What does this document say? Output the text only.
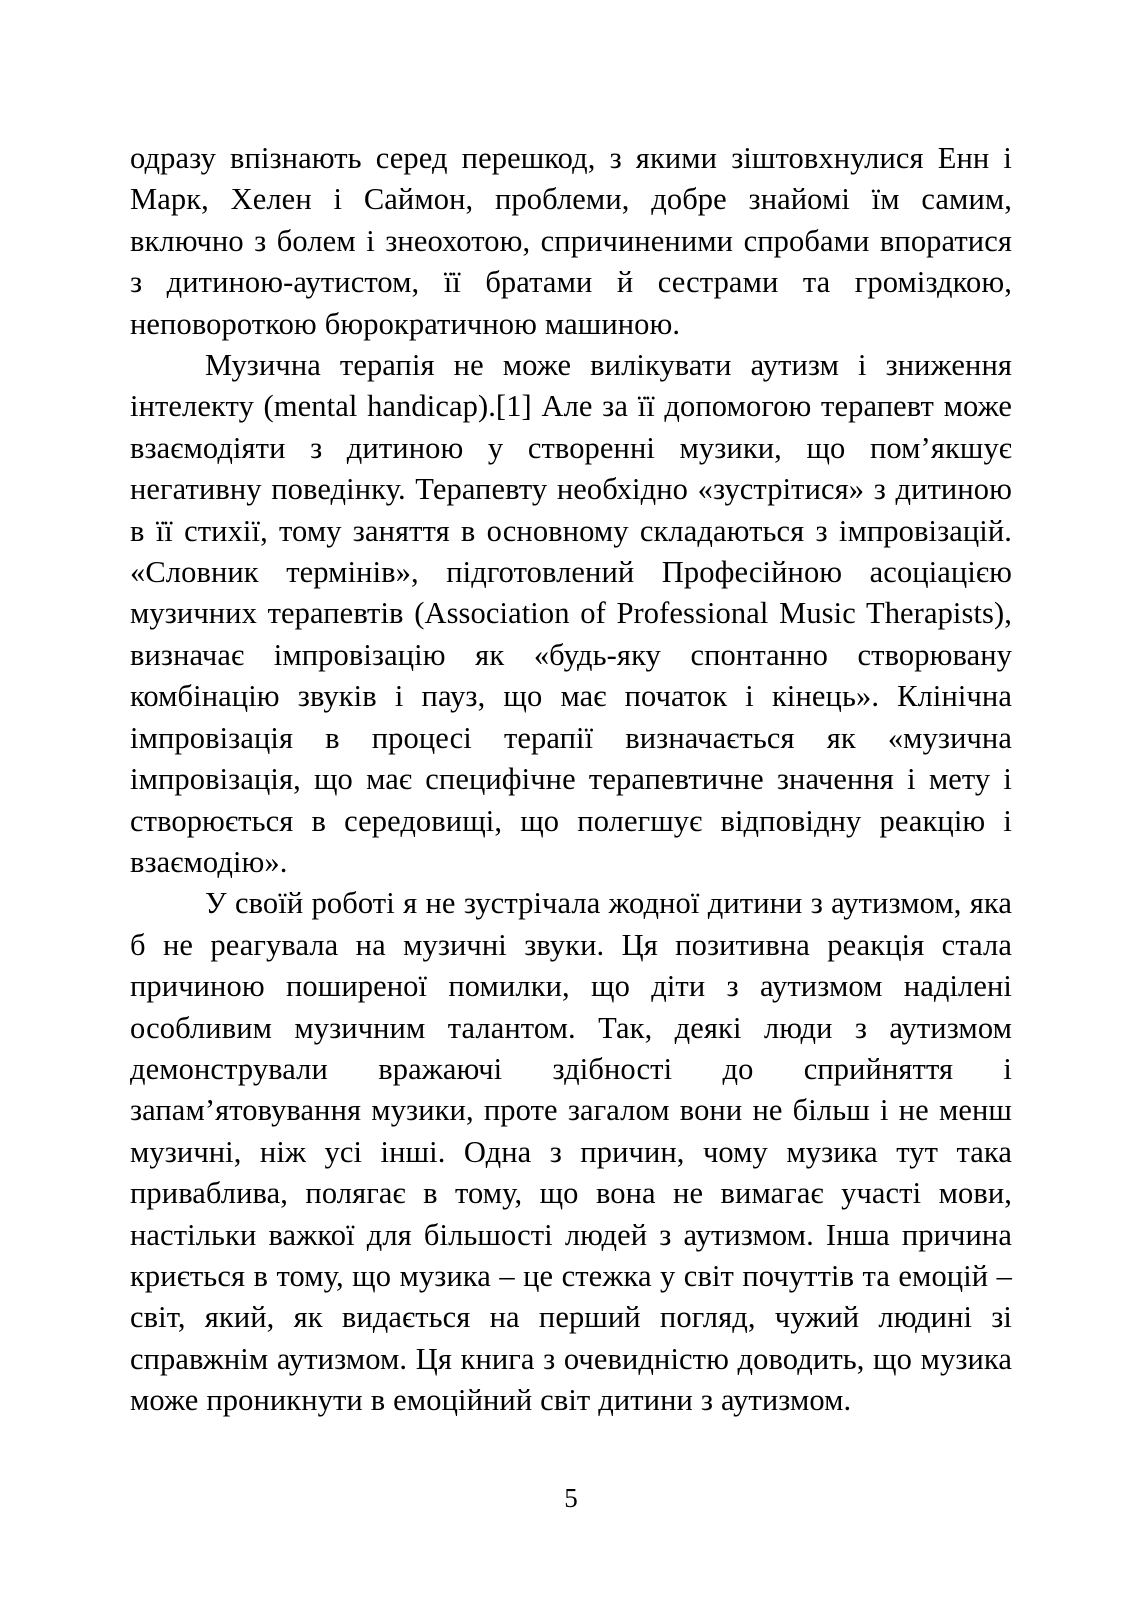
одразу впізнають серед перешкод, з якими зіштовхнулися Енн і Марк, Хелен і Саймон, проблеми, добре знайомі їм самим, включно з болем і знеохотою, спричиненими спробами впоратися з дитиною-аутистом, її братами й сестрами та громіздкою, неповороткою бюрократичною машиною.

Музична терапія не може вилікувати аутизм і зниження інтелекту (mental handicap).[1] Але за її допомогою терапевт може взаємодіяти з дитиною у створенні музики, що пом’якшує негативну поведінку. Терапевту необхідно «зустрітися» з дитиною в її стихії, тому заняття в основному складаються з імпровізацій. «Словник термінів», підготовлений Професійною асоціацією музичних терапевтів (Association of Professional Music Therapists), визначає імпровізацію як «будь-яку спонтанно створювану комбінацію звуків і пауз, що має початок і кінець». Клінічна імпровізація в процесі терапії визначається як «музична імпровізація, що має специфічне терапевтичне значення і мету і створюється в середовищі, що полегшує відповідну реакцію і взаємодію».

У своїй роботі я не зустрічала жодної дитини з аутизмом, яка б не реагувала на музичні звуки. Ця позитивна реакція стала причиною поширеної помилки, що діти з аутизмом наділені особливим музичним талантом. Так, деякі люди з аутизмом демонстрували вражаючі здібності до сприйняття і запам’ятовування музики, проте загалом вони не більш і не менш музичні, ніж усі інші. Одна з причин, чому музика тут така приваблива, полягає в тому, що вона не вимагає участі мови, настільки важкої для більшості людей з аутизмом. Інша причина криється в тому, що музика – це стежка у світ почуттів та емоцій – світ, який, як видається на перший погляд, чужий людині зі справжнім аутизмом. Ця книга з очевидністю доводить, що музика може проникнути в емоційний світ дитини з аутизмом.

5
